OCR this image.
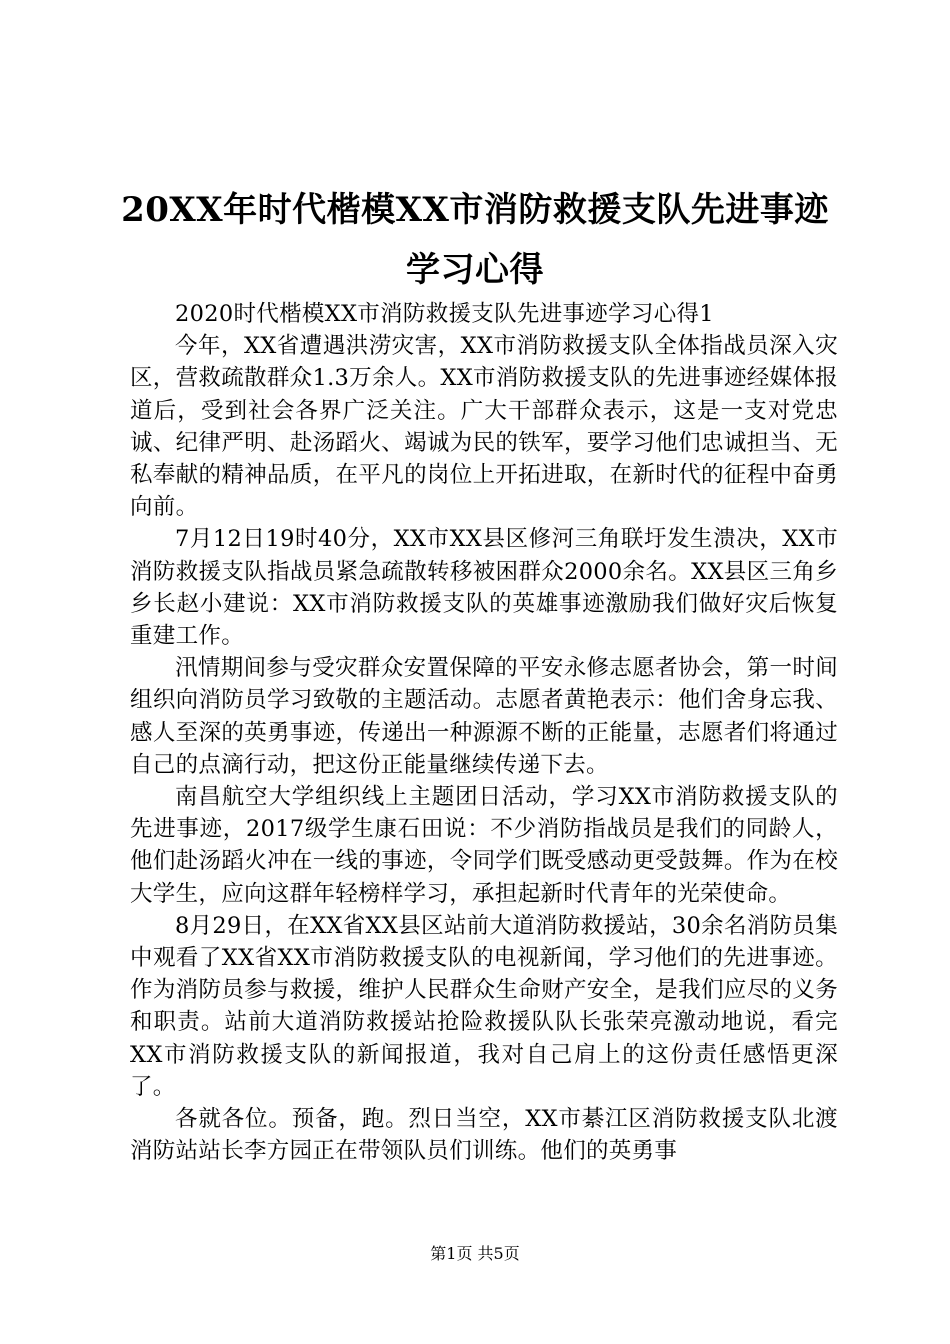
20XX年时代楷模XX市消防救援支队先进事迹
学习心得

2020时代楷模XX市消防救援支队先进事迹学习心得1

今年，XX省遭遇洪涝灾害，XX市消防救援支队全体指战员深入灾区，营救疏散群众1.3万余人。XX市消防救援支队的先进事迹经媒体报道后，受到社会各界广泛关注。广大干部群众表示，这是一支对党忠诚、纪律严明、赴汤蹈火、竭诚为民的铁军，要学习他们忠诚担当、无私奉献的精神品质，在平凡的岗位上开拓进取，在新时代的征程中奋勇向前。

7月12日19时40分，XX市XX县区修河三角联圩发生溃决，XX市消防救援支队指战员紧急疏散转移被困群众2000余名。XX县区三角乡乡长赵小建说：XX市消防救援支队的英雄事迹激励我们做好灾后恢复重建工作。

汛情期间参与受灾群众安置保障的平安永修志愿者协会，第一时间组织向消防员学习致敬的主题活动。志愿者黄艳表示：他们舍身忘我、感人至深的英勇事迹，传递出一种源源不断的正能量，志愿者们将通过自己的点滴行动，把这份正能量继续传递下去。

南昌航空大学组织线上主题团日活动，学习XX市消防救援支队的先进事迹，2017级学生康石田说：不少消防指战员是我们的同龄人，他们赴汤蹈火冲在一线的事迹，令同学们既受感动更受鼓舞。作为在校大学生，应向这群年轻榜样学习，承担起新时代青年的光荣使命。

8月29日，在XX省XX县区站前大道消防救援站，30余名消防员集中观看了XX省XX市消防救援支队的电视新闻，学习他们的先进事迹。作为消防员参与救援，维护人民群众生命财产安全，是我们应尽的义务和职责。站前大道消防救援站抢险救援队队长张荣亮激动地说，看完XX市消防救援支队的新闻报道，我对自己肩上的这份责任感悟更深了。

各就各位。预备，跑。烈日当空，XX市綦江区消防救援支队北渡消防站站长李方园正在带领队员们训练。他们的英勇事

第1页 共5页
